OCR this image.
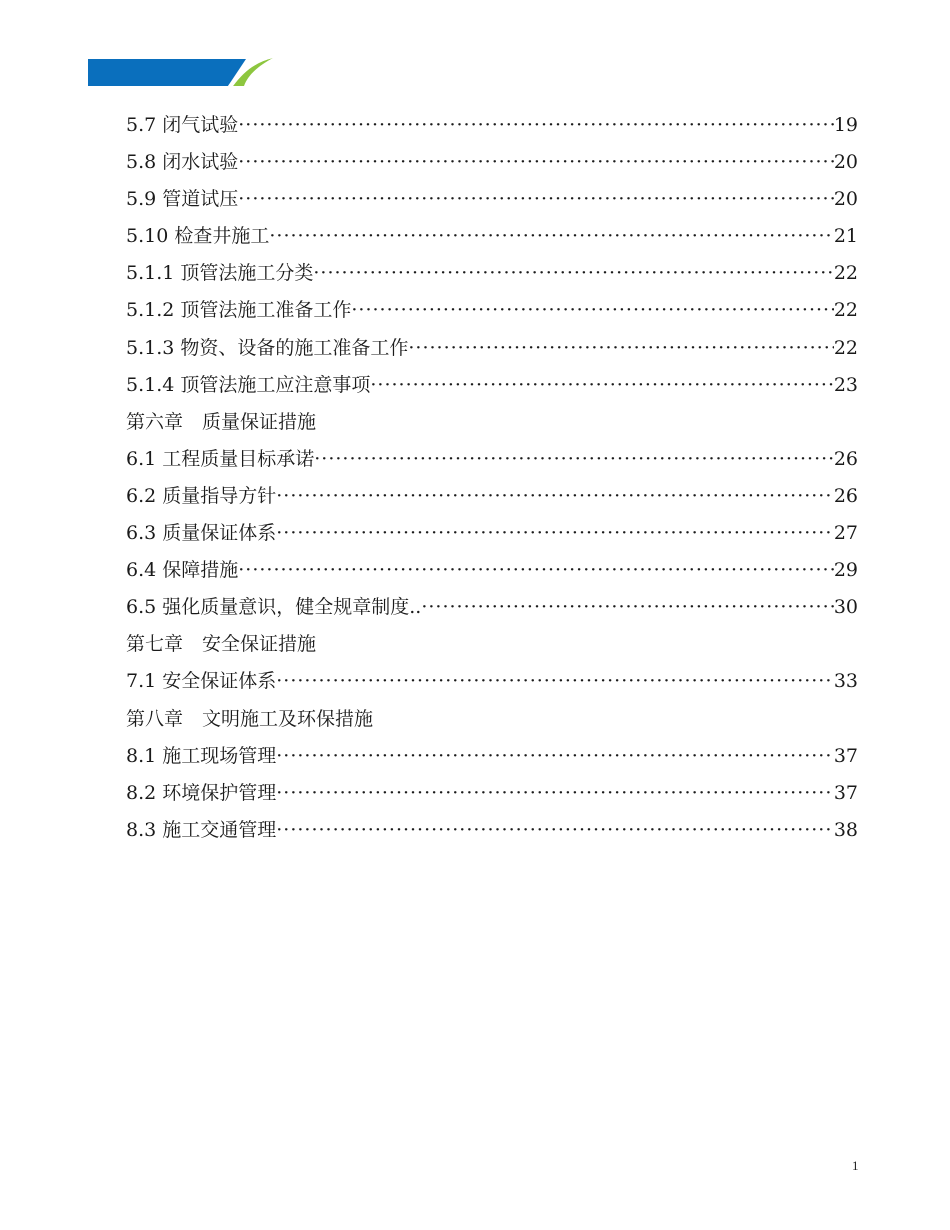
5.7 闭气试验 ·····	19
5.8 闭水试验 ·····	20
5.9 管道试压 ·····	20
5.10 检查井施工 ·····	21
5.1.1 顶管法施工分类 ·····	22
5.1.2 顶管法施工准备工作 ·····	22
5.1.3 物资、设备的施工准备工作 ·····	22
5.1.4 顶管法施工应注意事项 ·····	23
第六章　质量保证措施
6.1 工程质量目标承诺 ·····	26
6.2 质量指导方针 ·····	26
6.3 质量保证体系 ·····	27
6.4 保障措施 ·····	29
6.5 强化质量意识，健全规章制度.. ·····	30
第七章　安全保证措施
7.1 安全保证体系 ·····	33
第八章　文明施工及环保措施
8.1 施工现场管理 ·····	37
8.2 环境保护管理 ·····	37
8.3 施工交通管理 ·····	38
1
